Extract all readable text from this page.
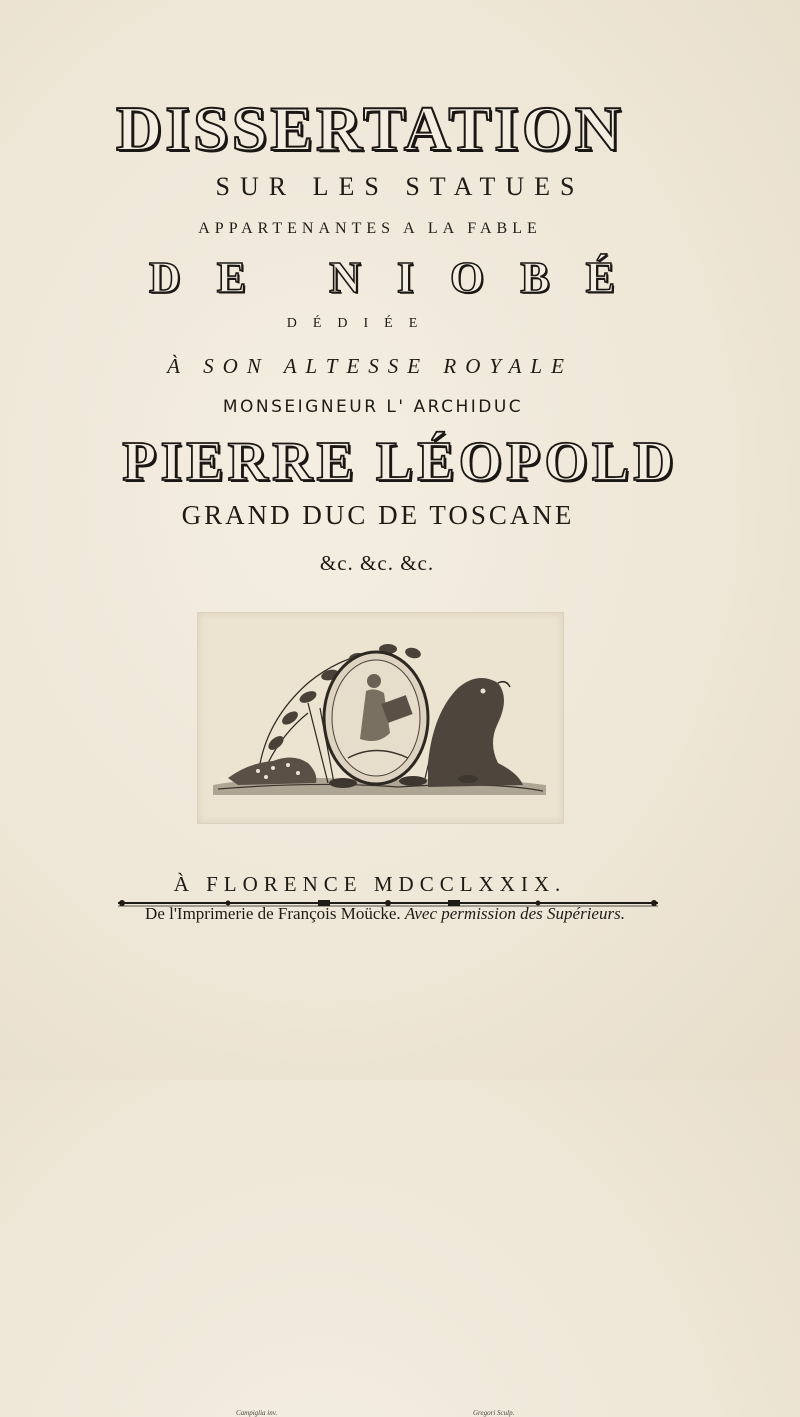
DISSERTATION
SUR LES STATUES
APPARTENANTES A LA FABLE
DE NIOBÉ
DÉDIÉE
À SON ALTESSE ROYALE
MONSEIGNEUR L' ARCHIDUC
PIERRE LÉOPOLD
GRAND DUC DE TOSCANE
&c. &c. &c.
Campiglia inv.	Gregori Sculp.
À FLORENCE MDCCLXXIX.
De l'Imprimerie de François Moücke. Avec permission des Supérieurs.
